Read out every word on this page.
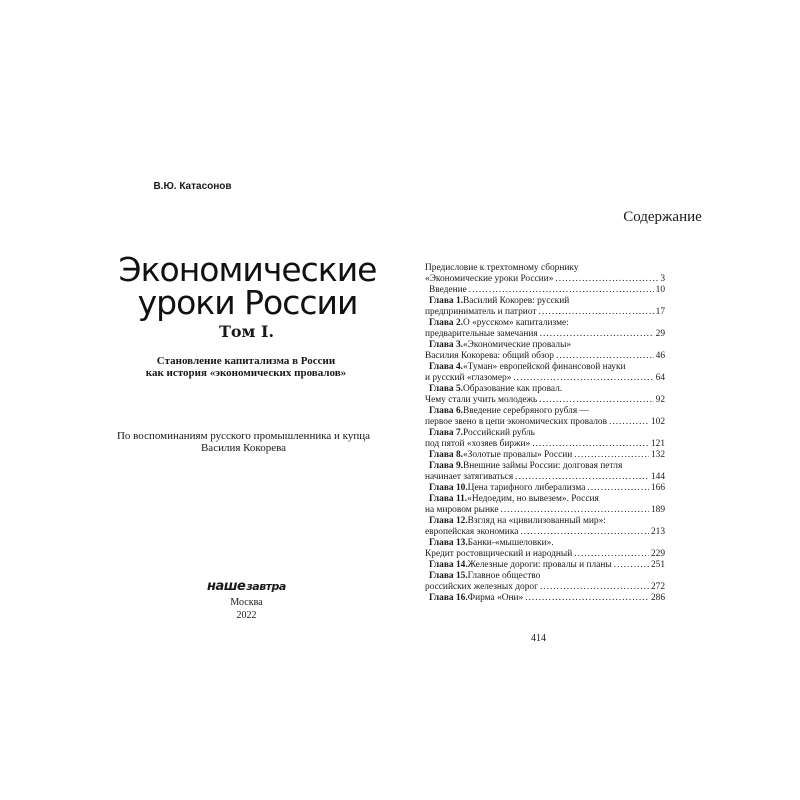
В.Ю. Катасонов
Экономические
уроки России
Том I.
Становление капитализма в России
как история «экономических провалов»
По воспоминаниям русского промышленника и купца
Василия Кокорева
нашезавтра
Москва
2022
Содержание
Предисловие к трехтомному сборнику
«Экономические уроки России» .....	3
Введение .....	10
Глава 1. Василий Кокорев: русский
предприниматель и патриот .....	17
Глава 2. О «русском» капитализме:
предварительные замечания .....	29
Глава 3. «Экономические провалы»
Василия Кокорева: общий обзор .....	46
Глава 4. «Туман» европейской финансовой науки
и русский «глазомер» .....	64
Глава 5. Образование как провал.
Чему стали учить молодежь .....	92
Глава 6. Введение серебряного рубля —
первое звено в цепи экономических провалов .....	102
Глава 7. Российский рубль
под пятой «хозяев биржи» .....	121
Глава 8. «Золотые провалы» России .....	132
Глава 9. Внешние займы России: долговая петля
начинает затягиваться .....	144
Глава 10. Цена тарифного либерализма .....	166
Глава 11. «Недоедим, но вывезем». Россия
на мировом рынке .....	189
Глава 12. Взгляд на «цивилизованный мир»:
европейская экономика .....	213
Глава 13. Банки-«мышеловки».
Кредит ростовщический и народный .....	229
Глава 14. Железные дороги: провалы и планы .....	251
Глава 15. Главное общество
российских железных дорог .....	272
Глава 16. Фирма «Они» .....	286
414
